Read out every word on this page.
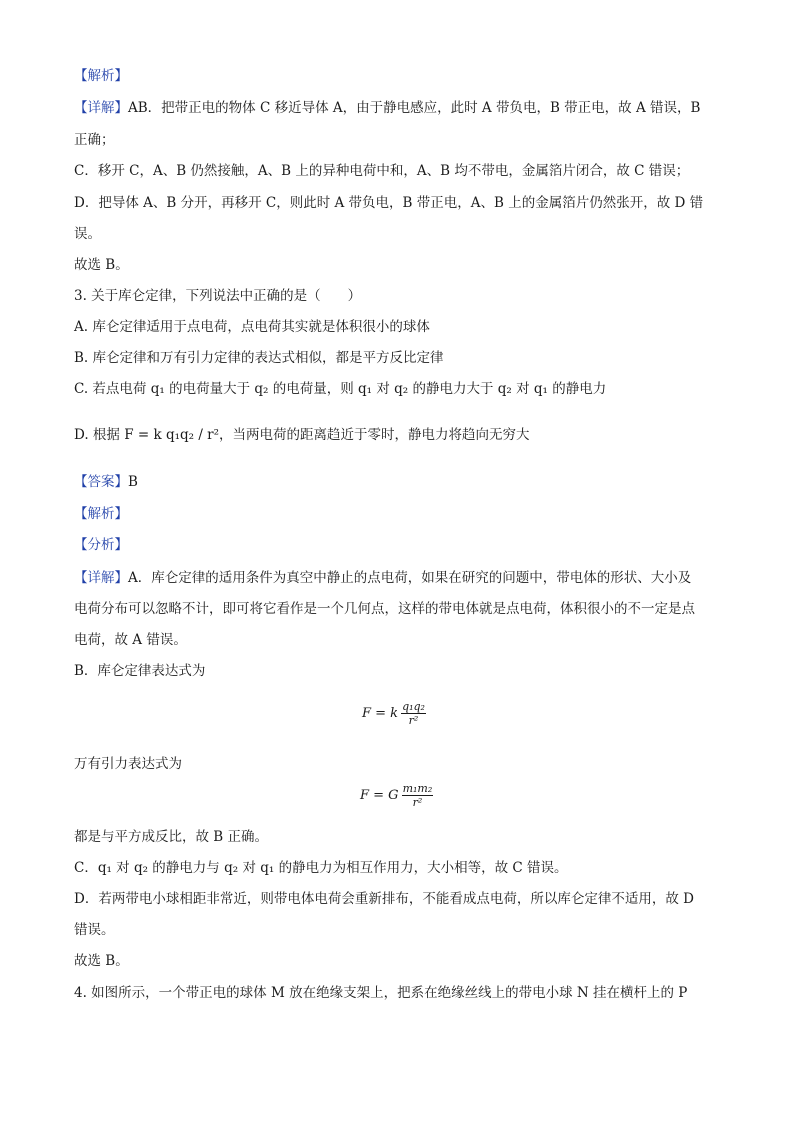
【解析】
【详解】AB．把带正电的物体 C 移近导体 A，由于静电感应，此时 A 带负电，B 带正电，故 A 错误，B
正确；
C．移开 C，A、B 仍然接触，A、B 上的异种电荷中和，A、B 均不带电，金属箔片闭合，故 C 错误；
D．把导体 A、B 分开，再移开 C，则此时 A 带负电，B 带正电，A、B 上的金属箔片仍然张开，故 D 错
误。
故选 B。
3. 关于库仑定律，下列说法中正确的是（　　）
A. 库仑定律适用于点电荷，点电荷其实就是体积很小的球体
B. 库仑定律和万有引力定律的表达式相似，都是平方反比定律
C. 若点电荷 q₁ 的电荷量大于 q₂ 的电荷量，则 q₁ 对 q₂ 的静电力大于 q₂ 对 q₁ 的静电力
D. 根据 F = k q₁q₂ / r²，当两电荷的距离趋近于零时，静电力将趋向无穷大
【答案】B
【解析】
【分析】
【详解】A．库仑定律的适用条件为真空中静止的点电荷，如果在研究的问题中，带电体的形状、大小及
电荷分布可以忽略不计，即可将它看作是一个几何点，这样的带电体就是点电荷，体积很小的不一定是点
电荷，故 A 错误。
B．库仑定律表达式为
F = k $\frac{\text{q₁q₂}}{\text{r²}}$
万有引力表达式为
F = G $\frac{\text{m₁m₂}}{\text{r²}}$
都是与平方成反比，故 B 正确。
C．q₁ 对 q₂ 的静电力与 q₂ 对 q₁ 的静电力为相互作用力，大小相等，故 C 错误。
D．若两带电小球相距非常近，则带电体电荷会重新排布，不能看成点电荷，所以库仑定律不适用，故 D
错误。
故选 B。
4. 如图所示，一个带正电的球体 M 放在绝缘支架上，把系在绝缘丝线上的带电小球 N 挂在横杆上的 P
